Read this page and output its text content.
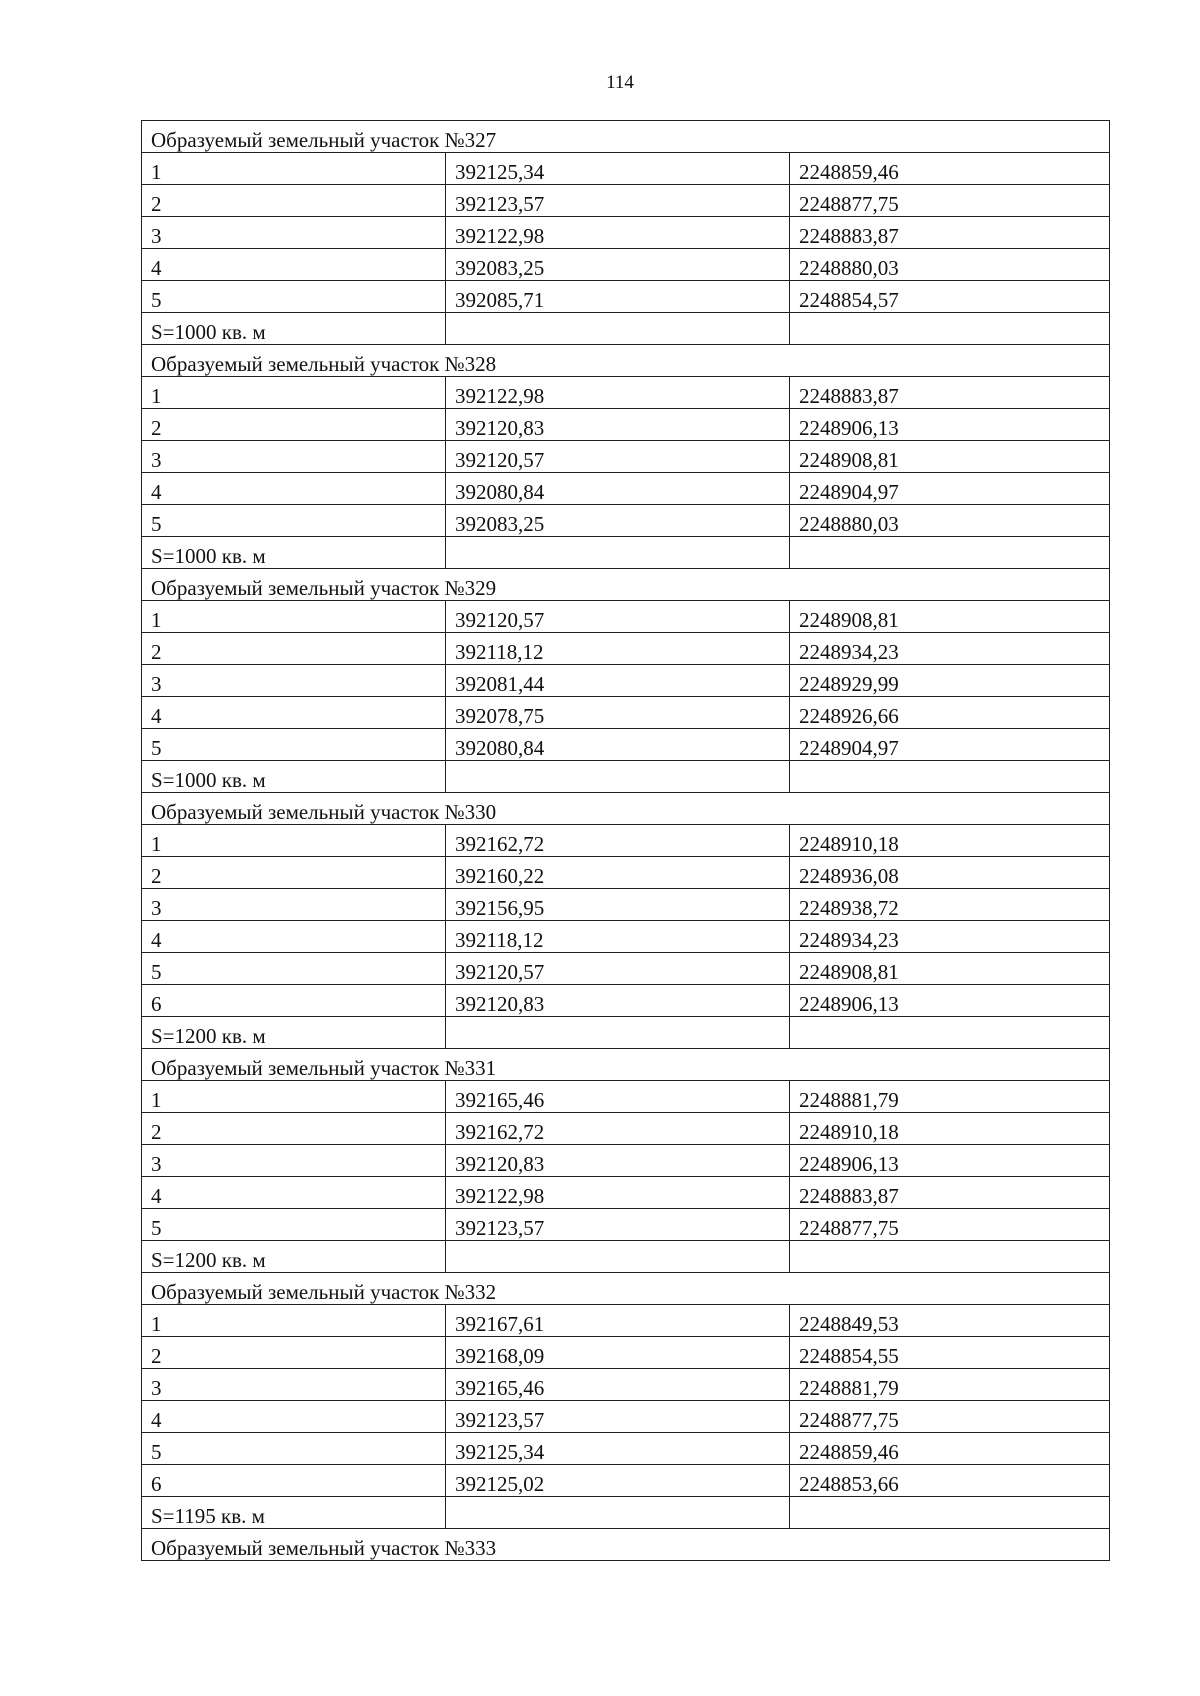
114
Образуемый земельный участок №327		
1	392125,34	2248859,46
2	392123,57	2248877,75
3	392122,98	2248883,87
4	392083,25	2248880,03
5	392085,71	2248854,57
S=1000 кв. м		
Образуемый земельный участок №328		
1	392122,98	2248883,87
2	392120,83	2248906,13
3	392120,57	2248908,81
4	392080,84	2248904,97
5	392083,25	2248880,03
S=1000 кв. м		
Образуемый земельный участок №329		
1	392120,57	2248908,81
2	392118,12	2248934,23
3	392081,44	2248929,99
4	392078,75	2248926,66
5	392080,84	2248904,97
S=1000 кв. м		
Образуемый земельный участок №330		
1	392162,72	2248910,18
2	392160,22	2248936,08
3	392156,95	2248938,72
4	392118,12	2248934,23
5	392120,57	2248908,81
6	392120,83	2248906,13
S=1200 кв. м		
Образуемый земельный участок №331		
1	392165,46	2248881,79
2	392162,72	2248910,18
3	392120,83	2248906,13
4	392122,98	2248883,87
5	392123,57	2248877,75
S=1200 кв. м		
Образуемый земельный участок №332		
1	392167,61	2248849,53
2	392168,09	2248854,55
3	392165,46	2248881,79
4	392123,57	2248877,75
5	392125,34	2248859,46
6	392125,02	2248853,66
S=1195 кв. м		
Образуемый земельный участок №333		
